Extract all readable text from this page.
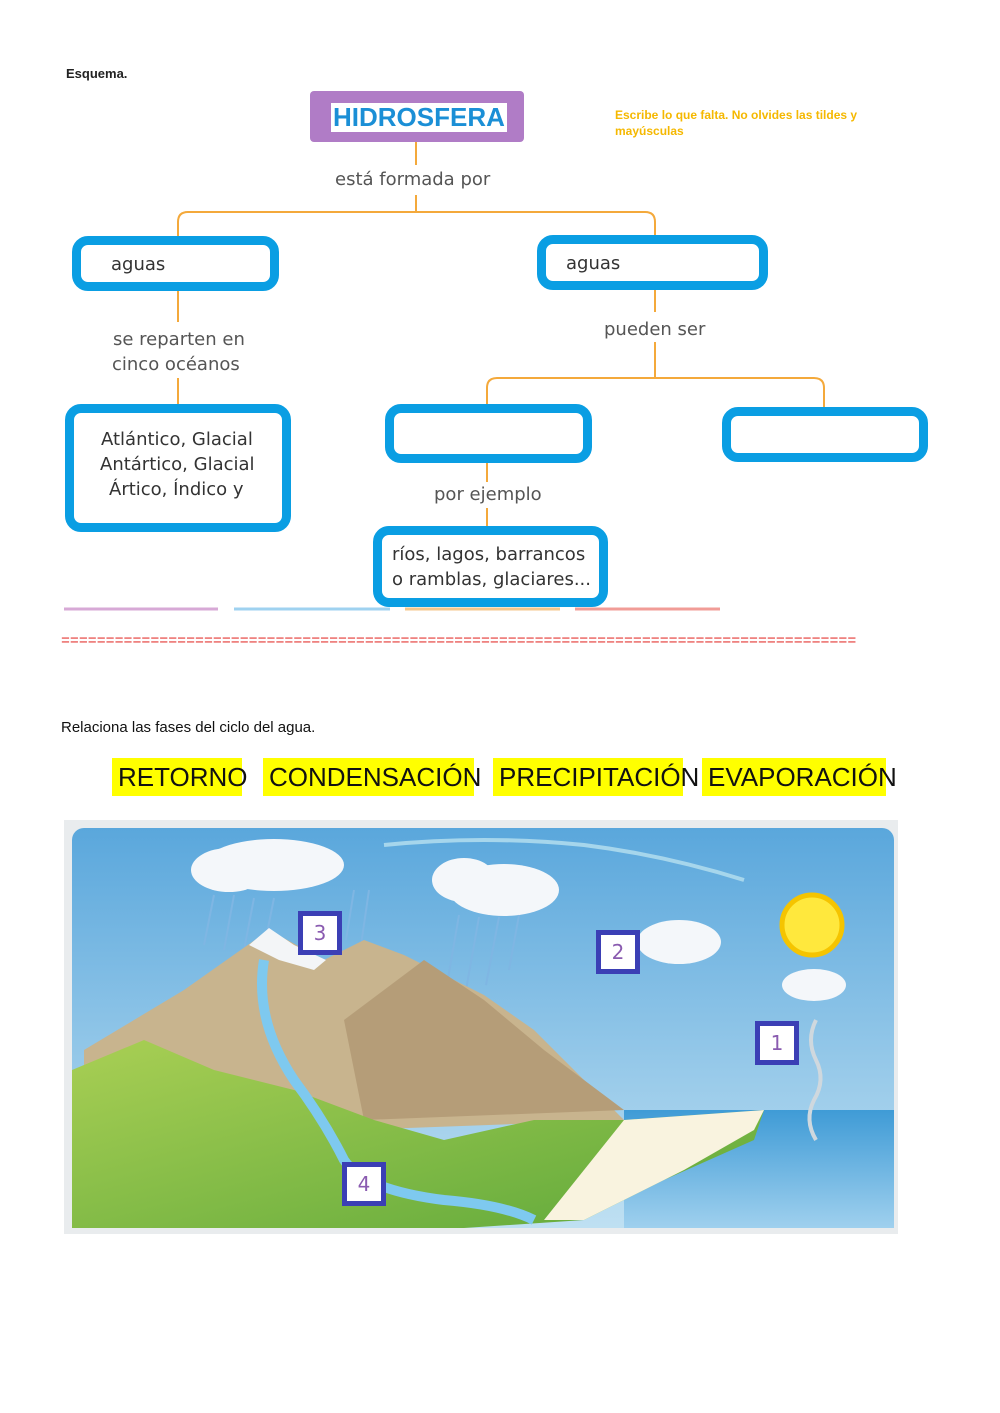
Esquema.
HIDROSFERA	Escribe lo que falta. No olvides las tildes y mayúsculas
está formada por
aguas
aguas
se reparten en
cinco océanos
pueden ser
Atlántico, Glacial
Antártico, Glacial
Ártico, Índico y	por ejemplo
ríos, lagos, barrancos
o ramblas, glaciares...
=========================================================================================
Relaciona las fases del ciclo del agua.
RETORNO CONDENSACIÓN PRECIPITACIÓN EVAPORACIÓN
1
2
3
4
